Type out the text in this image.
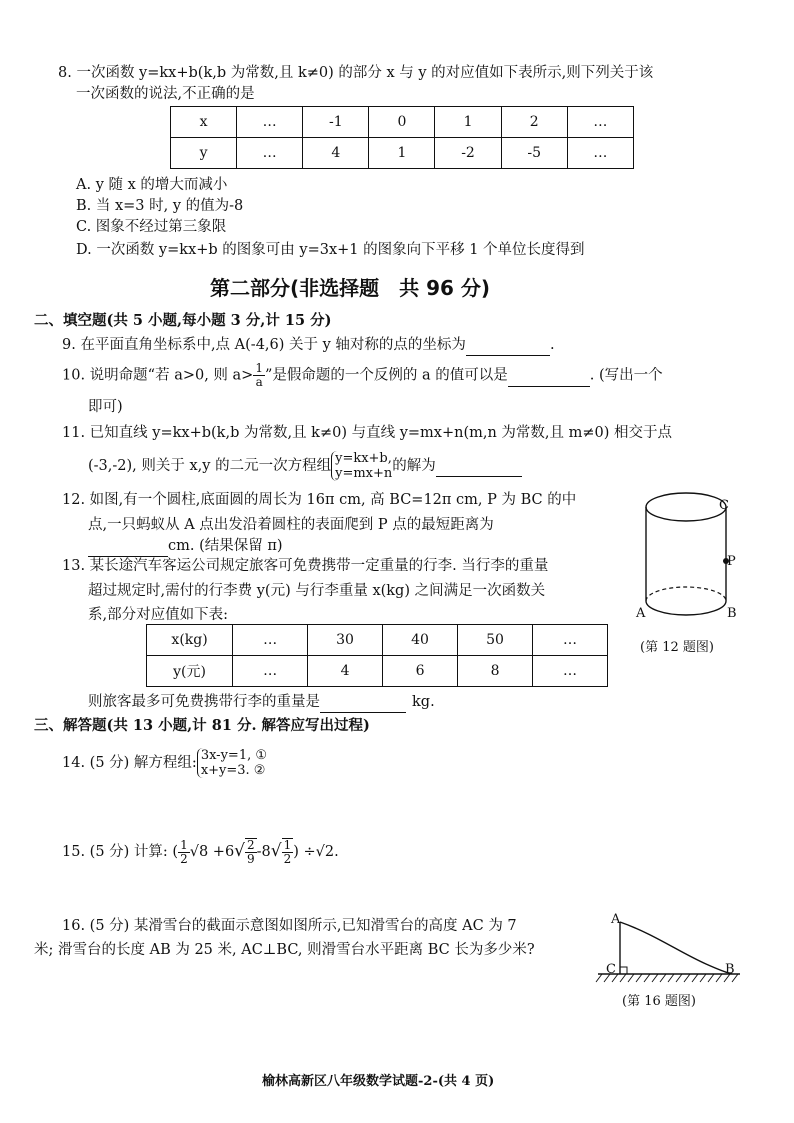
8. 一次函数 y=kx+b(k,b 为常数,且 k≠0) 的部分 x 与 y 的对应值如下表所示,则下列关于该
一次函数的说法,不正确的是
x	…	-1	0	1	2	…
y	…	4	1	-2	-5	…
A. y 随 x 的增大而减小
B. 当 x=3 时, y 的值为-8
C. 图象不经过第三象限
D. 一次函数 y=kx+b 的图象可由 y=3x+1 的图象向下平移 1 个单位长度得到
第二部分(非选择题　共 96 分)
二、填空题(共 5 小题,每小题 3 分,计 15 分)
9. 在平面直角坐标系中,点 A(-4,6) 关于 y 轴对称的点的坐标为	.
10. 说明命题“若 a>0, 则 $a> \frac{1}{a}$ ”是假命题的一个反例的 a 的值可以是	. (写出一个
即可)
11. 已知直线 y=kx+b(k,b 为常数,且 k≠0) 与直线 y=mx+n(m,n 为常数,且 m≠0) 相交于点
(-3,-2), 则关于 x,y 的二元一次方程组 y=kx+b,
y=mx+n 的解为
12. 如图,有一个圆柱,底面圆的周长为 16π cm, 高 BC=12π cm, P 为 BC 的中
点,一只蚂蚁从 A 点出发沿着圆柱的表面爬到 P 点的最短距离为
cm. (结果保留 π)
C
P
A	B
(第 12 题图)
13. 某长途汽车客运公司规定旅客可免费携带一定重量的行李. 当行李的重量
超过规定时,需付的行李费 y(元) 与行李重量 x(kg) 之间满足一次函数关
系,部分对应值如下表:
x(kg)	…	30	40	50	…
y(元)	…	4	6	8	…
则旅客最多可免费携带行李的重量是	kg.
三、解答题(共 13 小题,计 81 分. 解答应写出过程)
14. (5 分) 解方程组: 3x-y=1, ①
x+y=3. ②
15. (5 分) 计算: ( $\frac{1}{2} √8 +6√ \frac{2}{9} -8√ \frac{1}{2}$ ) ÷√2.
16. (5 分) 某滑雪台的截面示意图如图所示,已知滑雪台的高度 AC 为 7
米; 滑雪台的长度 AB 为 25 米, AC⊥BC, 则滑雪台水平距离 BC 长为多少米?
A
C	B
(第 16 题图)
榆林高新区八年级数学试题-2-(共 4 页)
